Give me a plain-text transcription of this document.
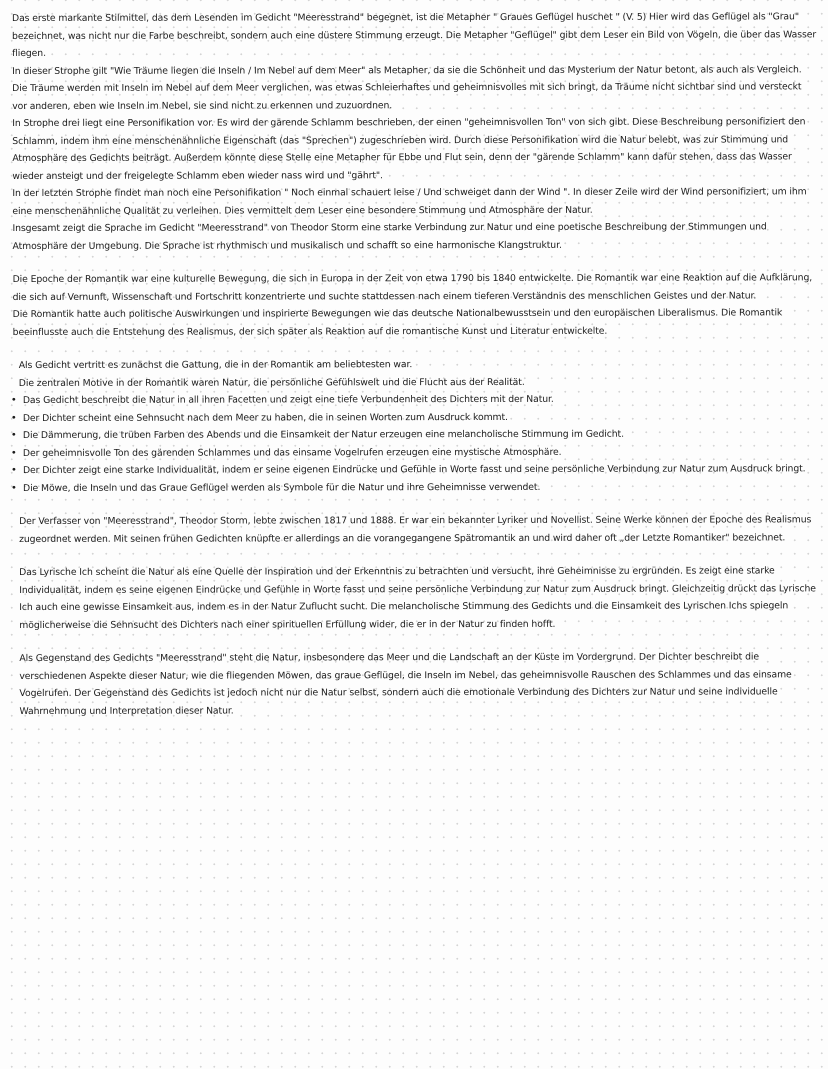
Das erste markante Stilmittel, das dem Lesenden im Gedicht "Meeresstrand" begegnet, ist die Metapher " Graues Geflügel huschet " (V. 5) Hier wird das Geflügel als "Grau" bezeichnet, was nicht nur die Farbe beschreibt, sondern auch eine düstere Stimmung erzeugt. Die Metapher "Geflügel" gibt dem Leser ein Bild von Vögeln, die über das Wasser fliegen.

In dieser Strophe gilt "Wie Träume liegen die Inseln / Im Nebel auf dem Meer" als Metapher, da sie die Schönheit und das Mysterium der Natur betont, als auch als Vergleich. Die Träume werden mit Inseln im Nebel auf dem Meer verglichen, was etwas Schleierhaftes und geheimnisvolles mit sich bringt, da Träume nicht sichtbar sind und versteckt vor anderen, eben wie Inseln im Nebel, sie sind nicht zu erkennen und zuzuordnen.

In Strophe drei liegt eine Personifikation vor. Es wird der gärende Schlamm beschrieben, der einen "geheimnisvollen Ton" von sich gibt. Diese Beschreibung personifiziert den Schlamm, indem ihm eine menschenähnliche Eigenschaft (das "Sprechen") zugeschrieben wird. Durch diese Personifikation wird die Natur belebt, was zur Stimmung und Atmosphäre des Gedichts beiträgt. Außerdem könnte diese Stelle eine Metapher für Ebbe und Flut sein, denn der "gärende Schlamm" kann dafür stehen, dass das Wasser wieder ansteigt und der freigelegte Schlamm eben wieder nass wird und "gährt".

In der letzten Strophe findet man noch eine Personifikation " Noch einmal schauert leise / Und schweiget dann der Wind ". In dieser Zeile wird der Wind personifiziert, um ihm eine menschenähnliche Qualität zu verleihen. Dies vermittelt dem Leser eine besondere Stimmung und Atmosphäre der Natur.

Insgesamt zeigt die Sprache im Gedicht "Meeresstrand" von Theodor Storm eine starke Verbindung zur Natur und eine poetische Beschreibung der Stimmungen und Atmosphäre der Umgebung. Die Sprache ist rhythmisch und musikalisch und schafft so eine harmonische Klangstruktur.

Die Epoche der Romantik war eine kulturelle Bewegung, die sich in Europa in der Zeit von etwa 1790 bis 1840 entwickelte. Die Romantik war eine Reaktion auf die Aufklärung, die sich auf Vernunft, Wissenschaft und Fortschritt konzentrierte und suchte stattdessen nach einem tieferen Verständnis des menschlichen Geistes und der Natur.

Die Romantik hatte auch politische Auswirkungen und inspirierte Bewegungen wie das deutsche Nationalbewusstsein und den europäischen Liberalismus. Die Romantik beeinflusste auch die Entstehung des Realismus, der sich später als Reaktion auf die romantische Kunst und Literatur entwickelte.

Als Gedicht vertritt es zunächst die Gattung, die in der Romantik am beliebtesten war.

Die zentralen Motive in der Romantik waren Natur, die persönliche Gefühlswelt und die Flucht aus der Realität.

• Das Gedicht beschreibt die Natur in all ihren Facetten und zeigt eine tiefe Verbundenheit des Dichters mit der Natur.

• Der Dichter scheint eine Sehnsucht nach dem Meer zu haben, die in seinen Worten zum Ausdruck kommt.

• Die Dämmerung, die trüben Farben des Abends und die Einsamkeit der Natur erzeugen eine melancholische Stimmung im Gedicht.

• Der geheimnisvolle Ton des gärenden Schlammes und das einsame Vogelrufen erzeugen eine mystische Atmosphäre.

• Der Dichter zeigt eine starke Individualität, indem er seine eigenen Eindrücke und Gefühle in Worte fasst und seine persönliche Verbindung zur Natur zum Ausdruck bringt.

• Die Möwe, die Inseln und das Graue Geflügel werden als Symbole für die Natur und ihre Geheimnisse verwendet.

Der Verfasser von "Meeresstrand", Theodor Storm, lebte zwischen 1817 und 1888. Er war ein bekannter Lyriker und Novellist. Seine Werke können der Epoche des Realismus zugeordnet werden. Mit seinen frühen Gedichten knüpfte er allerdings an die vorangegangene Spätromantik an und wird daher oft „der Letzte Romantiker" bezeichnet.

Das Lyrische Ich scheint die Natur als eine Quelle der Inspiration und der Erkenntnis zu betrachten und versucht, ihre Geheimnisse zu ergründen. Es zeigt eine starke Individualität, indem es seine eigenen Eindrücke und Gefühle in Worte fasst und seine persönliche Verbindung zur Natur zum Ausdruck bringt. Gleichzeitig drückt das Lyrische Ich auch eine gewisse Einsamkeit aus, indem es in der Natur Zuflucht sucht. Die melancholische Stimmung des Gedichts und die Einsamkeit des Lyrischen Ichs spiegeln möglicherweise die Sehnsucht des Dichters nach einer spirituellen Erfüllung wider, die er in der Natur zu finden hofft.

Als Gegenstand des Gedichts "Meeresstrand" steht die Natur, insbesondere das Meer und die Landschaft an der Küste im Vordergrund. Der Dichter beschreibt die verschiedenen Aspekte dieser Natur, wie die fliegenden Möwen, das graue Geflügel, die Inseln im Nebel, das geheimnisvolle Rauschen des Schlammes und das einsame Vogelrufen. Der Gegenstand des Gedichts ist jedoch nicht nur die Natur selbst, sondern auch die emotionale Verbindung des Dichters zur Natur und seine individuelle Wahrnehmung und Interpretation dieser Natur.
